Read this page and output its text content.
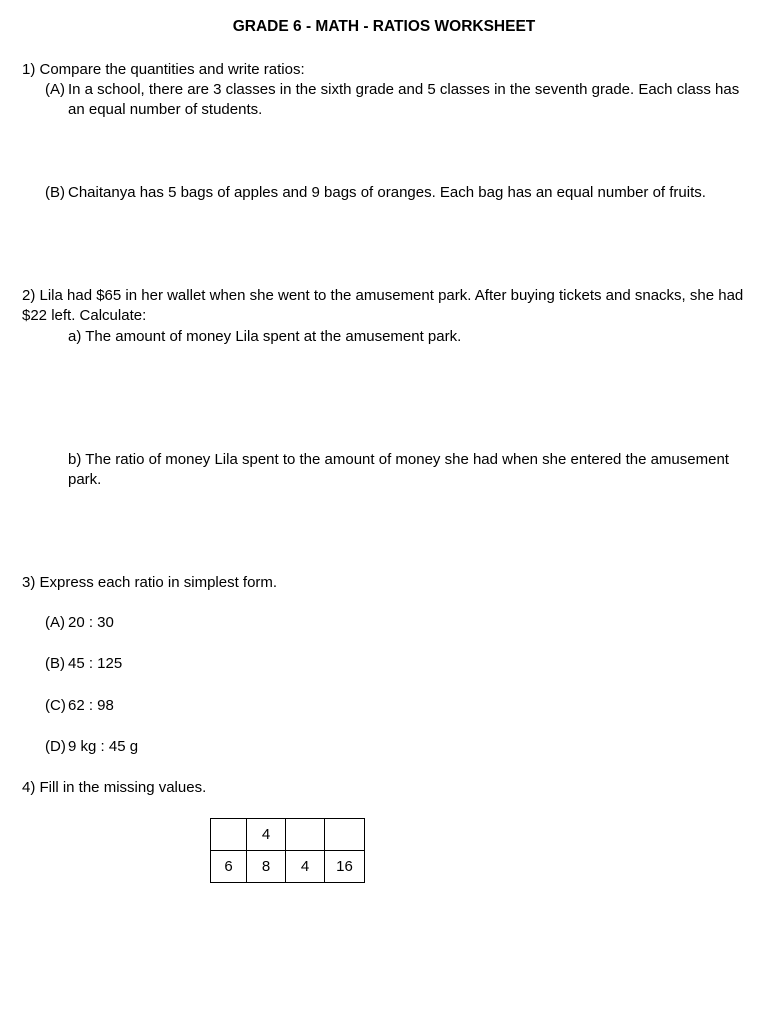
GRADE 6 - MATH - RATIOS WORKSHEET
1) Compare the quantities and write ratios:
(A) In a school, there are 3 classes in the sixth grade and 5 classes in the seventh grade. Each class has
an equal number of students.
(B) Chaitanya has 5 bags of apples and 9 bags of oranges. Each bag has an equal number of fruits.
2) Lila had $65 in her wallet when she went to the amusement park. After buying tickets and snacks, she had
$22 left. Calculate:
a) The amount of money Lila spent at the amusement park.
b) The ratio of money Lila spent to the amount of money she had when she entered the amusement
park.
3) Express each ratio in simplest form.
(A) 20 : 30
(B) 45 : 125
(C) 62 : 98
(D) 9 kg : 45 g
4) Fill in the missing values.
	4		
6	8	4	16
